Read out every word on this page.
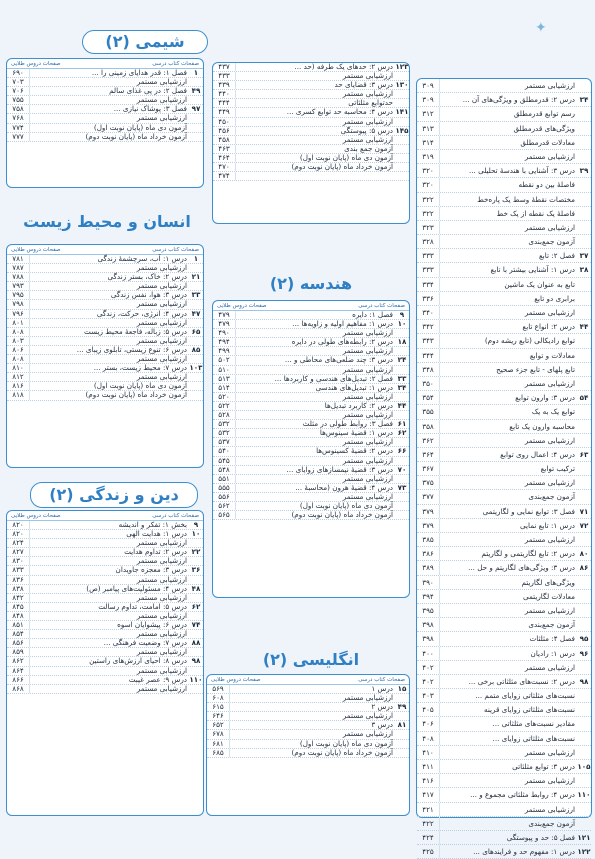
✦
شیمی (۲)
صفحات کتاب درسی
صفحات دروس طلایی
۱
فصل ۱: قدر هدایای زمینی را ...
۶۹۰
ارزشیابی مستمر
۷۰۳
۴۹
فصل ۲: در پی غذای سالم
۷۰۶
ارزشیابی مستمر
۷۵۵
۹۷
فصل ۳: پوشاک نیازی ...
۷۵۸
ارزشیابی مستمر
۷۶۸
آزمون دی ماه (پایان نوبت اول)
۷۷۴
آزمون خرداد ماه (پایان نوبت دوم)
۷۷۷
۱۲۳
درس ۲: حدهای یک طرفه (حد ...
۴۳۷
ارزشیابی مستمر
۴۳۳
۱۳۰
درس ۳: قضایای حد
۴۳۹
ارزشیابی مستمر
۴۴۰
حدتوابع مثلثاتی
۴۴۴
۱۴۱
درس ۴: محاسبه حد توابع کسری ...
۴۴۹
ارزشیابی مستمر
۴۵۰
۱۴۵
درس ۵: پیوستگی
۴۵۶
ارزشیابی مستمر
۴۵۸
آزمون جمع بندی
۴۶۳
آزمون دی ماه (پایان نوبت اول)
۴۶۴
آزمون خرداد ماه (پایان نوبت دوم)
۴۷۰
۴۷۴
انسان و محیط زیست
صفحات کتاب درسی
صفحات دروس طلایی
۱
درس ۱: آب، سرچشمهٔ زندگی
۷۸۱
ارزشیابی مستمر
۷۸۷
۲۱
درس ۲: خاک، بستر زندگی
۷۸۸
ارزشیابی مستمر
۷۹۳
۳۳
درس ۳: هوا، نفس زندگی
۷۹۵
ارزشیابی مستمر
۷۹۸
۴۷
درس ۴: انرژی، حرکت، زندگی
۷۹۶
ارزشیابی مستمر
۸۰۱
۶۵
درس ۵: زباله، فاجعهٔ محیط زیست
۸۰۸
ارزشیابی مستمر
۸۰۳
۸۵
درس ۶: تنوع زیستی، تابلوی زیبای ...
۸۰۶
ارزشیابی مستمر
۸۰۸
۱۰۳
درس ۷: محیط زیست، بستر ...
۸۱۰
ارزشیابی مستمر
۸۱۲
آزمون دی ماه (پایان نوبت اول)
۸۱۶
آزمون خرداد ماه (پایان نوبت دوم)
۸۱۸
هندسه (۲)
صفحات کتاب درسی
صفحات دروس طلایی
۹
فصل ۱: دایره
۴۷۹
۱۰
درس ۱: مفاهیم اولیه و زاویه‌ها ...
۴۷۹
ارزشیابی مستمر
۴۹۰
۱۸
درس ۲: رابطه‌های طولی در دایره
۴۹۴
ارزشیابی مستمر
۴۹۹
۲۴
درس ۳: چند ضلعی‌های محاطی و ...
۵۰۲
ارزشیابی مستمر
۵۱۰
۳۳
فصل ۲: تبدیل‌های هندسی و کاربردها ...
۵۱۳
۳۴
درس ۱: تبدیل‌های هندسی
۵۱۴
ارزشیابی مستمر
۵۲۰
۴۴
درس ۲: کاربرد تبدیل‌ها
۵۲۲
ارزشیابی مستمر
۵۲۸
۶۱
فصل ۳: روابط طولی در مثلث
۵۳۲
۶۲
درس ۱: قضیهٔ سینوس‌ها
۵۳۲
ارزشیابی مستمر
۵۳۷
۶۶
درس ۲: قضیهٔ کسینوس‌ها
۵۴۰
ارزشیابی مستمر
۵۴۵
۷۰
درس ۳: قضیهٔ نیمسازهای زوایای ...
۵۴۸
ارزشیابی مستمر
۵۵۱
۷۳
درس ۴: قضیهٔ هرون (محاسبهٔ ...
۵۵۵
ارزشیابی مستمر
۵۵۶
آزمون دی ماه (پایان نوبت اول)
۵۶۲
آزمون خرداد ماه (پایان نوبت دوم)
۵۶۵
دین و زندگی (۲)
صفحات کتاب درسی
صفحات دروس طلایی
۹
بخش ۱: تفکر و اندیشه
۸۲۰
۱۰
درس ۱: هدایت الهی
۸۲۰
ارزشیابی مستمر
۸۲۴
۲۲
درس ۲: تداوم هدایت
۸۲۷
ارزشیابی مستمر
۸۳۰
۳۶
درس ۳: معجزه جاویدان
۸۳۳
ارزشیابی مستمر
۸۳۶
۴۸
درس ۴: مسئولیت‌های پیامبر (ص)
۸۳۸
ارزشیابی مستمر
۸۴۲
۶۲
درس ۵: امامت، تداوم رسالت
۸۴۵
ارزشیابی مستمر
۸۴۸
۷۴
درس ۶: پیشوایان اسوه
۸۵۱
ارزشیابی مستمر
۸۵۴
۸۸
درس ۷: وضعیت فرهنگی ...
۸۵۶
ارزشیابی مستمر
۸۵۹
۹۸
درس ۸: احیای ارزش‌های راستین
۸۶۲
ارزشیابی مستمر
۸۶۴
۱۱۰
درس ۹: عصر غیبت
۸۶۶
ارزشیابی مستمر
۸۶۸
انگلیسی (۲)
صفحات کتاب درسی
صفحات دروس طلایی
۱۵
درس ۱
۵۶۹
ارزشیابی مستمر
۶۰۸
۴۹
درس ۲
۶۱۵
ارزشیابی مستمر
۶۴۶
۸۱
درس ۳
۶۵۲
ارزشیابی مستمر
۶۷۸
آزمون دی ماه (پایان نوبت اول)
۶۸۱
آزمون خرداد ماه (پایان نوبت دوم)
۶۸۵
ارزشیابی مستمر
۳۰۹
۳۴
درس ۲: قدرمطلق و ویژگی‌های آن ...
۳۰۹
رسم توابع قدرمطلق
۳۱۲
ویژگی‌های قدرمطلق
۳۱۳
معادلات قدرمطلق
۳۱۴
ارزشیابی مستمر
۳۱۹
۳۹
درس ۳: آشنایی با هندسهٔ تحلیلی ...
۳۲۰
فاصلهٔ بین دو نقطه
۳۲۰
مختصات نقطهٔ وسط یک پاره‌خط
۳۲۲
فاصلهٔ یک نقطه از یک خط
۳۲۲
ارزشیابی مستمر
۳۲۳
آزمون جمع‌بندی
۳۲۸
۳۷
فصل ۲: تابع
۳۳۳
۳۸
درس ۱: آشنایی بیشتر با تابع
۳۳۳
تابع به عنوان یک ماشین
۳۳۴
برابری دو تابع
۳۳۶
ارزشیابی مستمر
۳۴۰
۴۴
درس ۲: انواع تابع
۳۴۲
توابع رادیکالی (تابع ریشه دوم)
۳۴۳
معادلات و توابع
۳۴۴
تابع پلهای - تابع جزء صحیح
۳۴۸
ارزشیابی مستمر
۳۵۰
۵۴
درس ۳: وارون توابع
۳۵۴
توابع یک به یک
۳۵۵
محاسبه وارون یک تابع
۳۵۸
ارزشیابی مستمر
۳۶۲
۶۳
درس ۴: اعمال روی توابع
۳۶۴
ترکیب توابع
۳۶۷
ارزشیابی مستمر
۳۷۵
آزمون جمع‌بندی
۳۷۷
۷۱
فصل ۳: توابع نمایی و لگاریتمی
۳۷۹
۷۲
درس ۱: تابع نمایی
۳۷۹
ارزشیابی مستمر
۳۸۵
۸۰
درس ۲: تابع لگاریتمی و لگاریتم
۳۸۶
۸۶
درس ۳: ویژگی‌های لگاریتم و حل ...
۳۸۹
ویژگی‌های لگاریتم
۳۹۰
معادلات لگاریتمی
۳۹۴
ارزشیابی مستمر
۳۹۵
آزمون جمع‌بندی
۳۹۸
۹۵
فصل ۴: مثلثات
۳۹۸
۹۶
درس ۱: رادیان
۴۰۰
ارزشیابی مستمر
۴۰۲
۹۸
درس ۲: نسبت‌های مثلثاتی برخی ...
۴۰۲
نسبت‌های مثلثاتی زوایای متمم ...
۴۰۳
نسبت‌های مثلثاتی زوایای قرینه
۴۰۵
مقادیر نسبت‌های مثلثاتی ...
۴۰۶
نسبت‌های مثلثاتی زوایای ...
۴۰۸
ارزشیابی مستمر
۴۱۰
۱۰۵
درس ۳: توابع مثلثاتی
۴۱۱
ارزشیابی مستمر
۴۱۶
۱۱۰
درس ۴: روابط مثلثاتی مجموع و ...
۴۱۷
ارزشیابی مستمر
۴۲۱
آزمون جمع‌بندی
۴۲۲
۱۲۱
فصل ۵: حد و پیوستگی
۴۲۴
۱۲۲
درس ۱: مفهوم حد و فرایندهای ...
۴۲۵
